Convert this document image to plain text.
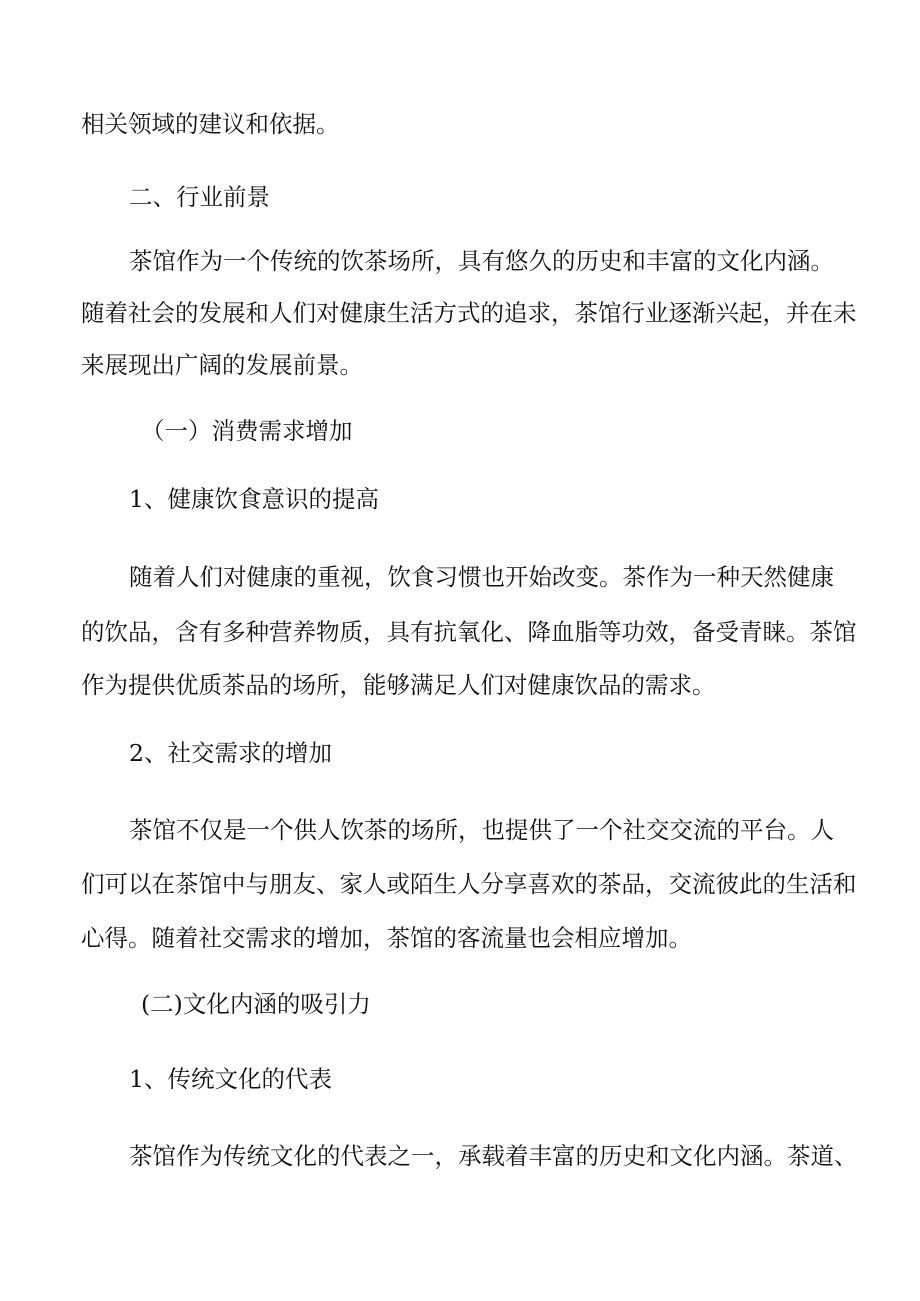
相关领域的建议和依据。
二、行业前景
茶馆作为一个传统的饮茶场所，具有悠久的历史和丰富的文化内涵。
随着社会的发展和人们对健康生活方式的追求，茶馆行业逐渐兴起，并在未
来展现出广阔的发展前景。
（一）消费需求增加
1、健康饮食意识的提高
随着人们对健康的重视，饮食习惯也开始改变。茶作为一种天然健康
的饮品，含有多种营养物质，具有抗氧化、降血脂等功效，备受青睐。茶馆
作为提供优质茶品的场所，能够满足人们对健康饮品的需求。
2、社交需求的增加
茶馆不仅是一个供人饮茶的场所，也提供了一个社交交流的平台。人
们可以在茶馆中与朋友、家人或陌生人分享喜欢的茶品，交流彼此的生活和
心得。随着社交需求的增加，茶馆的客流量也会相应增加。
(二)文化内涵的吸引力
1、传统文化的代表
茶馆作为传统文化的代表之一，承载着丰富的历史和文化内涵。茶道、
